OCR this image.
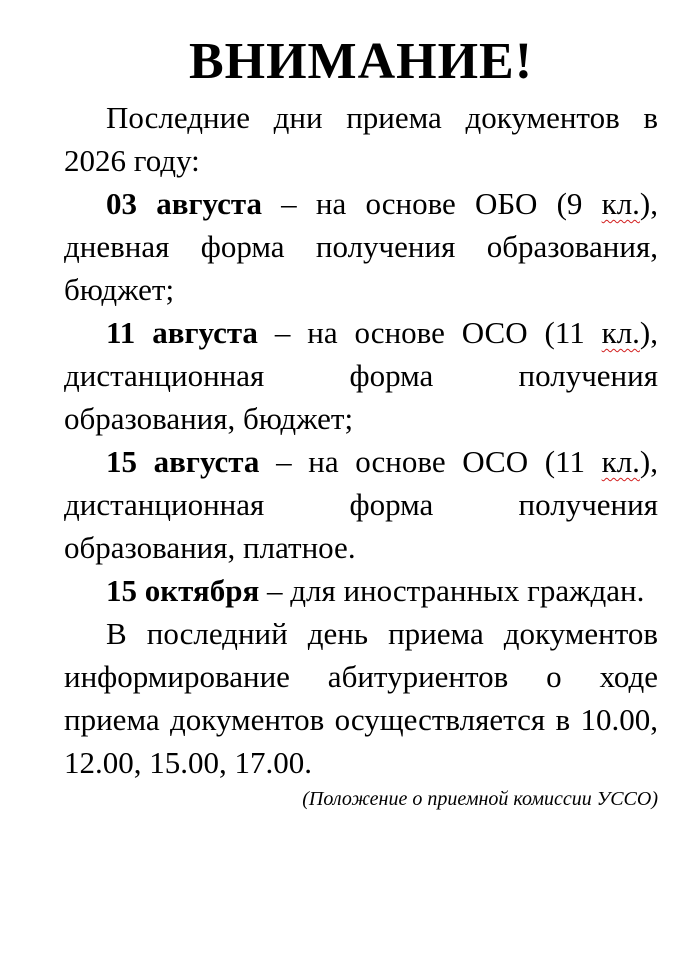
ВНИМАНИЕ!

Последние дни приема документов в 2026 году:

03 августа – на основе ОБО (9 кл.), дневная форма получения образования, бюджет;

11 августа – на основе ОСО (11 кл.), дистанционная форма получения образования, бюджет;

15 августа – на основе ОСО (11 кл.), дистанционная форма получения образования, платное.

15 октября – для иностранных граждан.

В последний день приема документов информирование абитуриентов о ходе приема документов осуществляется в 10.00, 12.00, 15.00, 17.00.

(Положение о приемной комиссии УССО)
